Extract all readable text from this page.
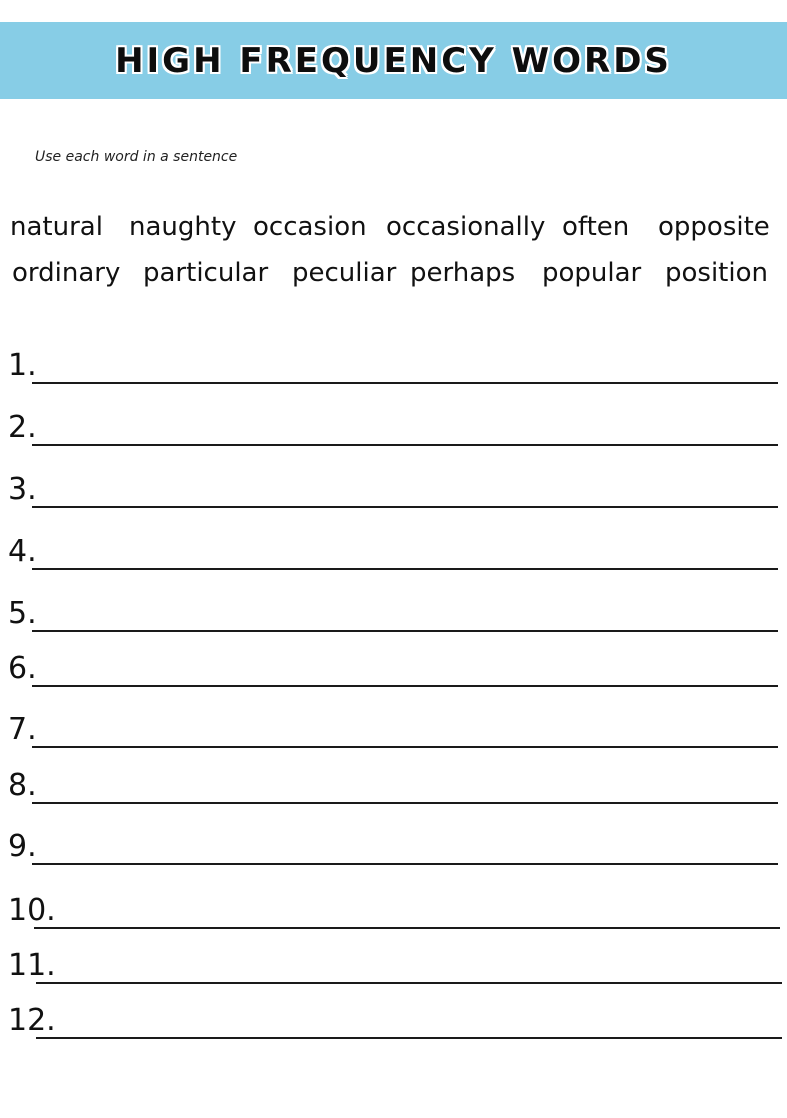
HIGH FREQUENCY WORDS
Use each word in a sentence
natural naughty occasion occasionally often opposite
ordinary particular peculiar perhaps popular position
1.
2.
3.
4.
5.
6.
7.
8.
9.
10.
11.
12.
